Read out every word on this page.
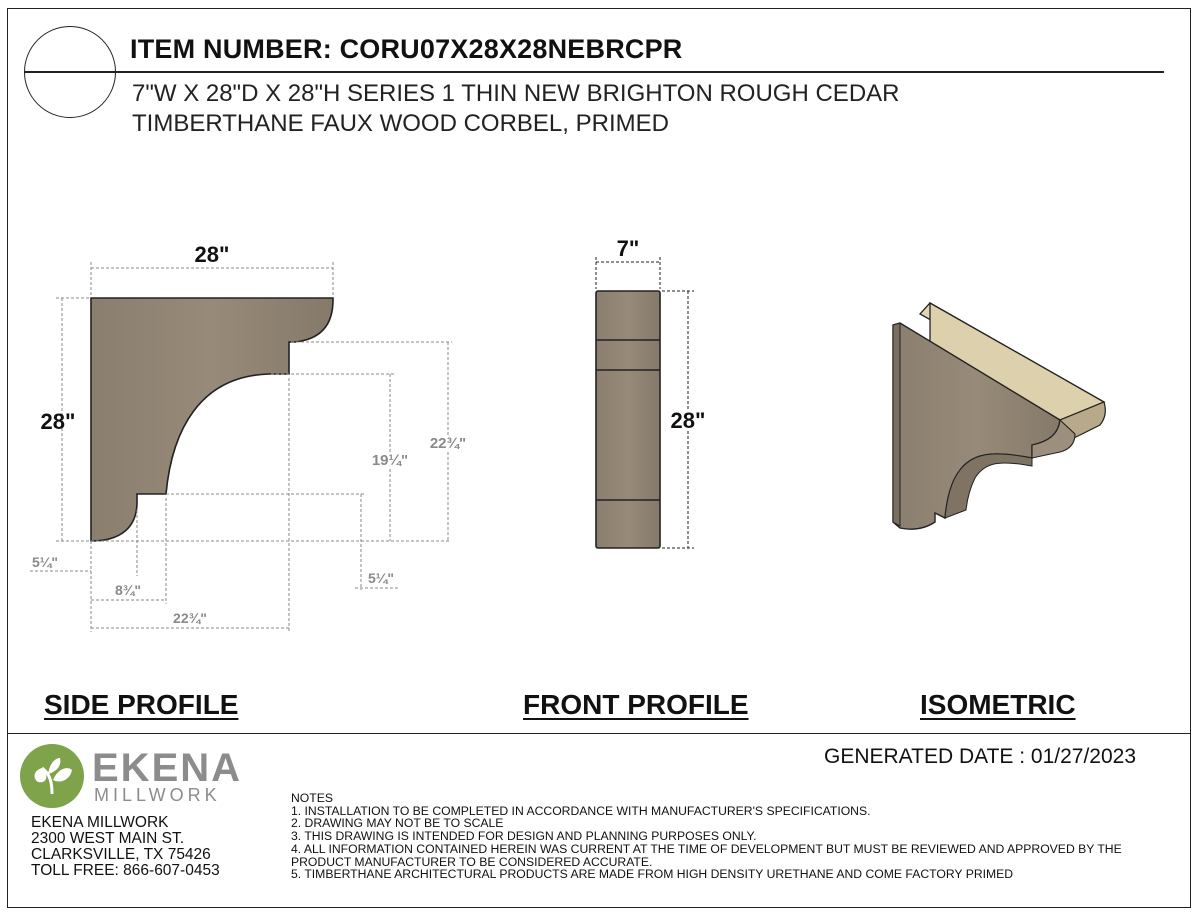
ITEM NUMBER: CORU07X28X28NEBRCPR
7"W X 28"D X 28"H SERIES 1 THIN NEW BRIGHTON ROUGH CEDAR
TIMBERTHANE FAUX WOOD CORBEL, PRIMED
28"
28"
19¼"
22¾"
5¼"
5¼"
8¾"
22¾"
7"
28"
SIDE PROFILE	FRONT PROFILE	ISOMETRIC
EKENA
MILLWORK
EKENA MILLWORK
2300 WEST MAIN ST.
CLARKSVILLE, TX 75426
TOLL FREE: 866-607-0453
GENERATED DATE : 01/27/2023
NOTES
1. INSTALLATION TO BE COMPLETED IN ACCORDANCE WITH MANUFACTURER'S SPECIFICATIONS.
2. DRAWING MAY NOT BE TO SCALE
3. THIS DRAWING IS INTENDED FOR DESIGN AND PLANNING PURPOSES ONLY.
4. ALL INFORMATION CONTAINED HEREIN WAS CURRENT AT THE TIME OF DEVELOPMENT BUT MUST BE REVIEWED AND APPROVED BY THE
PRODUCT MANUFACTURER TO BE CONSIDERED ACCURATE.
5. TIMBERTHANE ARCHITECTURAL PRODUCTS ARE MADE FROM HIGH DENSITY URETHANE AND COME FACTORY PRIMED
